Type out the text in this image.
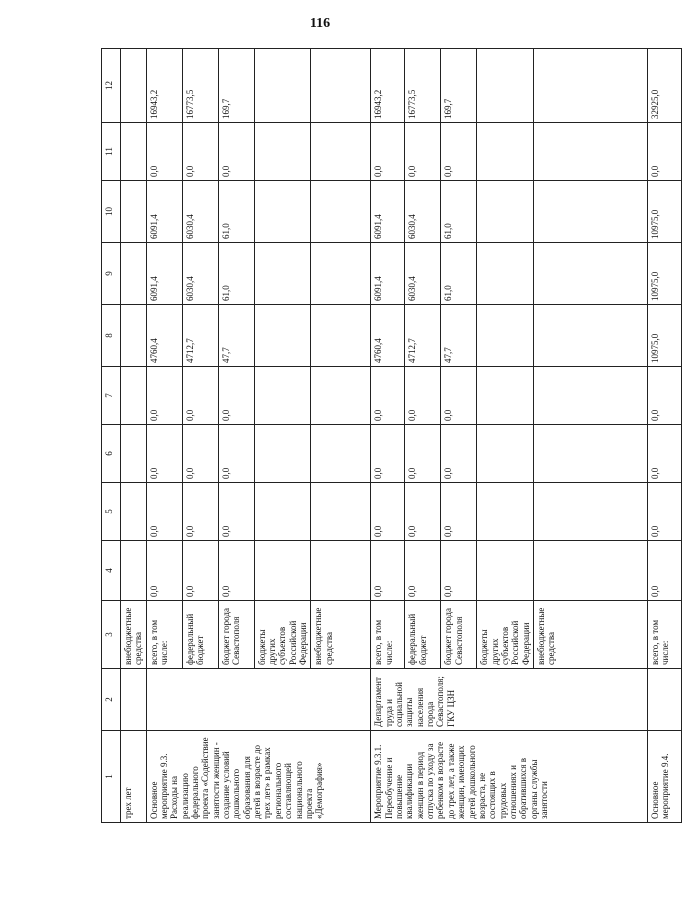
116
1	2	3	4	5	6	7	8	9	10	11	12
трех лет		внебюджетные средства									
Основное мероприятие 9.3. Расходы на реализацию федерального проекта «Содействие занятости женщин - создание условий дошкольного образования для детей в возрасте до трех лет» в рамках регионального составляющей национального проекта «Демография»		всего, в том числе:	0,0	0,0	0,0	0,0	4760,4	6091,4	6091,4	0,0	16943,2
		федеральный бюджет	0,0	0,0	0,0	0,0	4712,7	6030,4	6030,4	0,0	16773,5
		бюджет города Севастополя	0,0	0,0	0,0	0,0	47,7	61,0	61,0	0,0	169,7
		бюджеты других субъектов Российской Федерации									
		внебюджетные средства									
Мероприятие 9.3.1. Переобучение и повышение квалификации женщин в период отпуска по уходу за ребенком в возрасте до трех лет, а также женщин, имеющих детей дошкольного возраста, не состоящих в трудовых отношениях и обратившихся в органы службы занятости	Департамент труда и социальной защиты населения города Севастополя; ГКУ ЦЗН	всего, в том числе:	0,0	0,0	0,0	0,0	4760,4	6091,4	6091,4	0,0	16943,2
		федеральный бюджет	0,0	0,0	0,0	0,0	4712,7	6030,4	6030,4	0,0	16773,5
		бюджет города Севастополя	0,0	0,0	0,0	0,0	47,7	61,0	61,0	0,0	169,7
		бюджеты других субъектов Российской Федерации									
		внебюджетные средства									
Основное мероприятие 9.4.		всего, в том числе:	0,0	0,0	0,0	0,0	10975,0	10975,0	10975,0	0,0	32925,0
